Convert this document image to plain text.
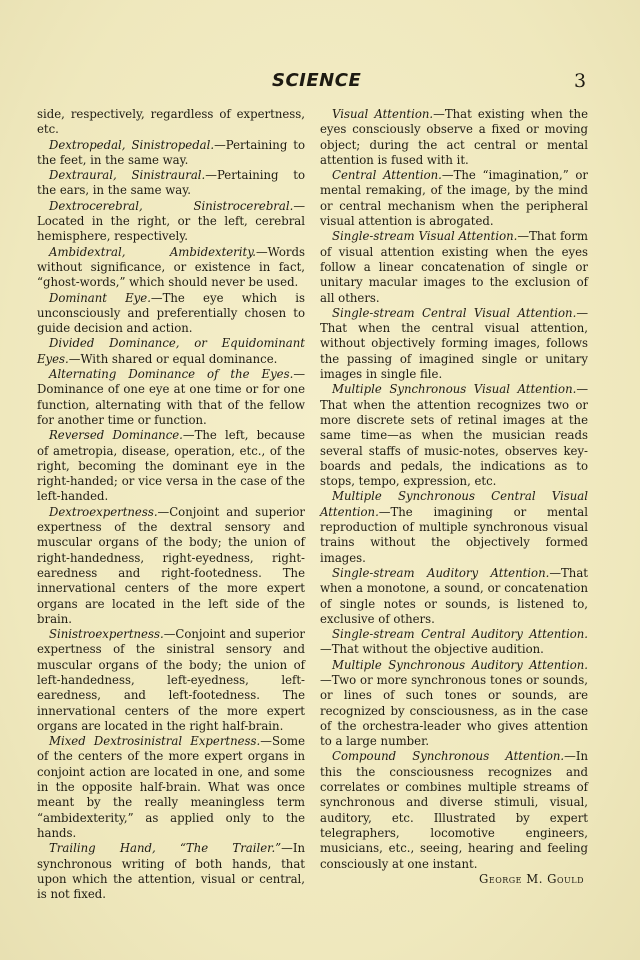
SCIENCE	3

side, respectively, regardless of expertness, etc.

Dextropedal, Sinistropedal.—Pertaining to the feet, in the same way.

Dextraural, Sinistraural.—Pertaining to the ears, in the same way.

Dextrocerebral, Sinistrocerebral.—Located in the right, or the left, cerebral hemisphere, respectively.

Ambidextral, Ambidexterity.—Words without significance, or existence in fact, “ghost-words,” which should never be used.

Dominant Eye.—The eye which is unconsciously and preferentially chosen to guide decision and action.

Divided Dominance, or Equidominant Eyes.—With shared or equal dominance.

Alternating Dominance of the Eyes.—Dominance of one eye at one time or for one function, alternating with that of the fellow for another time or function.

Reversed Dominance.—The left, because of ametropia, disease, operation, etc., of the right, becoming the dominant eye in the right-handed; or vice versa in the case of the left-handed.

Dextroexpertness.—Conjoint and superior expertness of the dextral sensory and muscular organs of the body; the union of right-handedness, right-eyedness, right-earedness and right-footedness. The innervational centers of the more expert organs are located in the left side of the brain.

Sinistroexpertness.—Conjoint and superior expertness of the sinistral sensory and muscular organs of the body; the union of left-handedness, left-eyedness, left-earedness, and left-footedness. The innervational centers of the more expert organs are located in the right half-brain.

Mixed Dextrosinistral Expertness.—Some of the centers of the more expert organs in conjoint action are located in one, and some in the opposite half-brain. What was once meant by the really meaningless term “ambidexterity,” as applied only to the hands.

Trailing Hand, “The Trailer.”—In synchronous writing of both hands, that upon which the attention, visual or central, is not fixed.

Visual Attention.—That existing when the eyes consciously observe a fixed or moving object; during the act central or mental attention is fused with it.

Central Attention.—The “imagination,” or mental remaking, of the image, by the mind or central mechanism when the peripheral visual attention is abrogated.

Single-stream Visual Attention.—That form of visual attention existing when the eyes follow a linear concatenation of single or unitary macular images to the exclusion of all others.

Single-stream Central Visual Attention.—That when the central visual attention, without objectively forming images, follows the passing of imagined single or unitary images in single file.

Multiple Synchronous Visual Attention.—That when the attention recognizes two or more discrete sets of retinal images at the same time—as when the musician reads several staffs of music-notes, observes key-boards and pedals, the indications as to stops, tempo, expression, etc.

Multiple Synchronous Central Visual Attention.—The imagining or mental reproduction of multiple synchronous visual trains without the objectively formed images.

Single-stream Auditory Attention.—That when a monotone, a sound, or concatenation of single notes or sounds, is listened to, exclusive of others.

Single-stream Central Auditory Attention.—That without the objective audition.

Multiple Synchronous Auditory Attention.—Two or more synchronous tones or sounds, or lines of such tones or sounds, are recognized by consciousness, as in the case of the orchestra-leader who gives attention to a large number.

Compound Synchronous Attention.—In this the consciousness recognizes and correlates or combines multiple streams of synchronous and diverse stimuli, visual, auditory, etc. Illustrated by expert telegraphers, locomotive engineers, musicians, etc., seeing, hearing and feeling consciously at one instant.

George M. Gould
